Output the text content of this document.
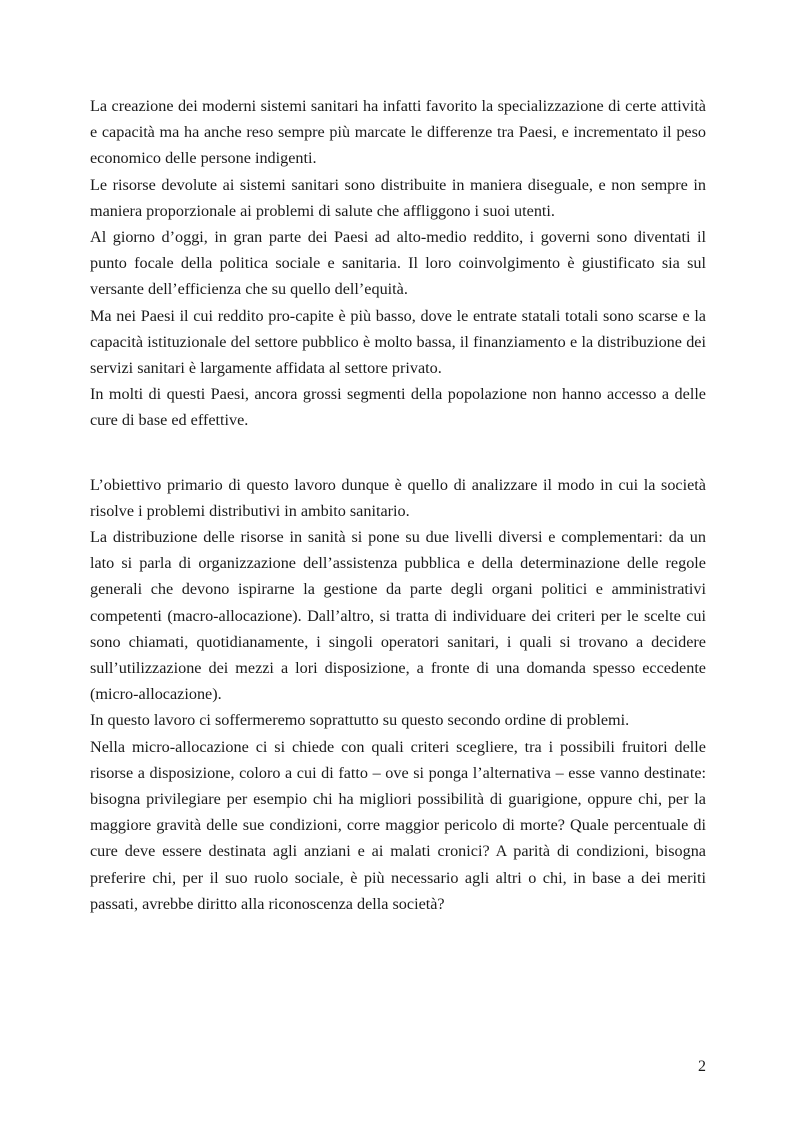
La creazione dei moderni sistemi sanitari ha infatti favorito la specializzazione di certe attività e capacità ma ha anche reso sempre più marcate le differenze tra Paesi, e incrementato il peso economico delle persone indigenti.

Le risorse devolute ai sistemi sanitari sono distribuite in maniera diseguale, e non sempre in maniera proporzionale ai problemi di salute che affliggono i suoi utenti.

Al giorno d’oggi, in gran parte dei Paesi ad alto-medio reddito, i governi sono diventati il punto focale della politica sociale e sanitaria. Il loro coinvolgimento è giustificato sia sul versante dell’efficienza che su quello dell’equità.

Ma nei Paesi il cui reddito pro-capite è più basso, dove le entrate statali totali sono scarse e la capacità istituzionale del settore pubblico è molto bassa, il finanziamento e la distribuzione dei servizi sanitari è largamente affidata al settore privato.

In molti di questi Paesi, ancora grossi segmenti della popolazione non hanno accesso a delle cure di base ed effettive.

L’obiettivo primario di questo lavoro dunque è quello di analizzare il modo in cui la società risolve i problemi distributivi in ambito sanitario.

La distribuzione delle risorse in sanità si pone su due livelli diversi e complementari: da un lato si parla di organizzazione dell’assistenza pubblica e della determinazione delle regole generali che devono ispirarne la gestione da parte degli organi politici e amministrativi competenti (macro-allocazione). Dall’altro, si tratta di individuare dei criteri per le scelte cui sono chiamati, quotidianamente, i singoli operatori sanitari, i quali si trovano a decidere sull’utilizzazione dei mezzi a lori disposizione, a fronte di una domanda spesso eccedente (micro-allocazione).

In questo lavoro ci soffermeremo soprattutto su questo secondo ordine di problemi.

Nella micro-allocazione ci si chiede con quali criteri scegliere, tra i possibili fruitori delle risorse a disposizione, coloro a cui di fatto – ove si ponga l’alternativa – esse vanno destinate: bisogna privilegiare per esempio chi ha migliori possibilità di guarigione, oppure chi, per la maggiore gravità delle sue condizioni, corre maggior pericolo di morte? Quale percentuale di cure deve essere destinata agli anziani e ai malati cronici? A parità di condizioni, bisogna preferire chi, per il suo ruolo sociale, è più necessario agli altri o chi, in base a dei meriti passati, avrebbe diritto alla riconoscenza della società?

2
